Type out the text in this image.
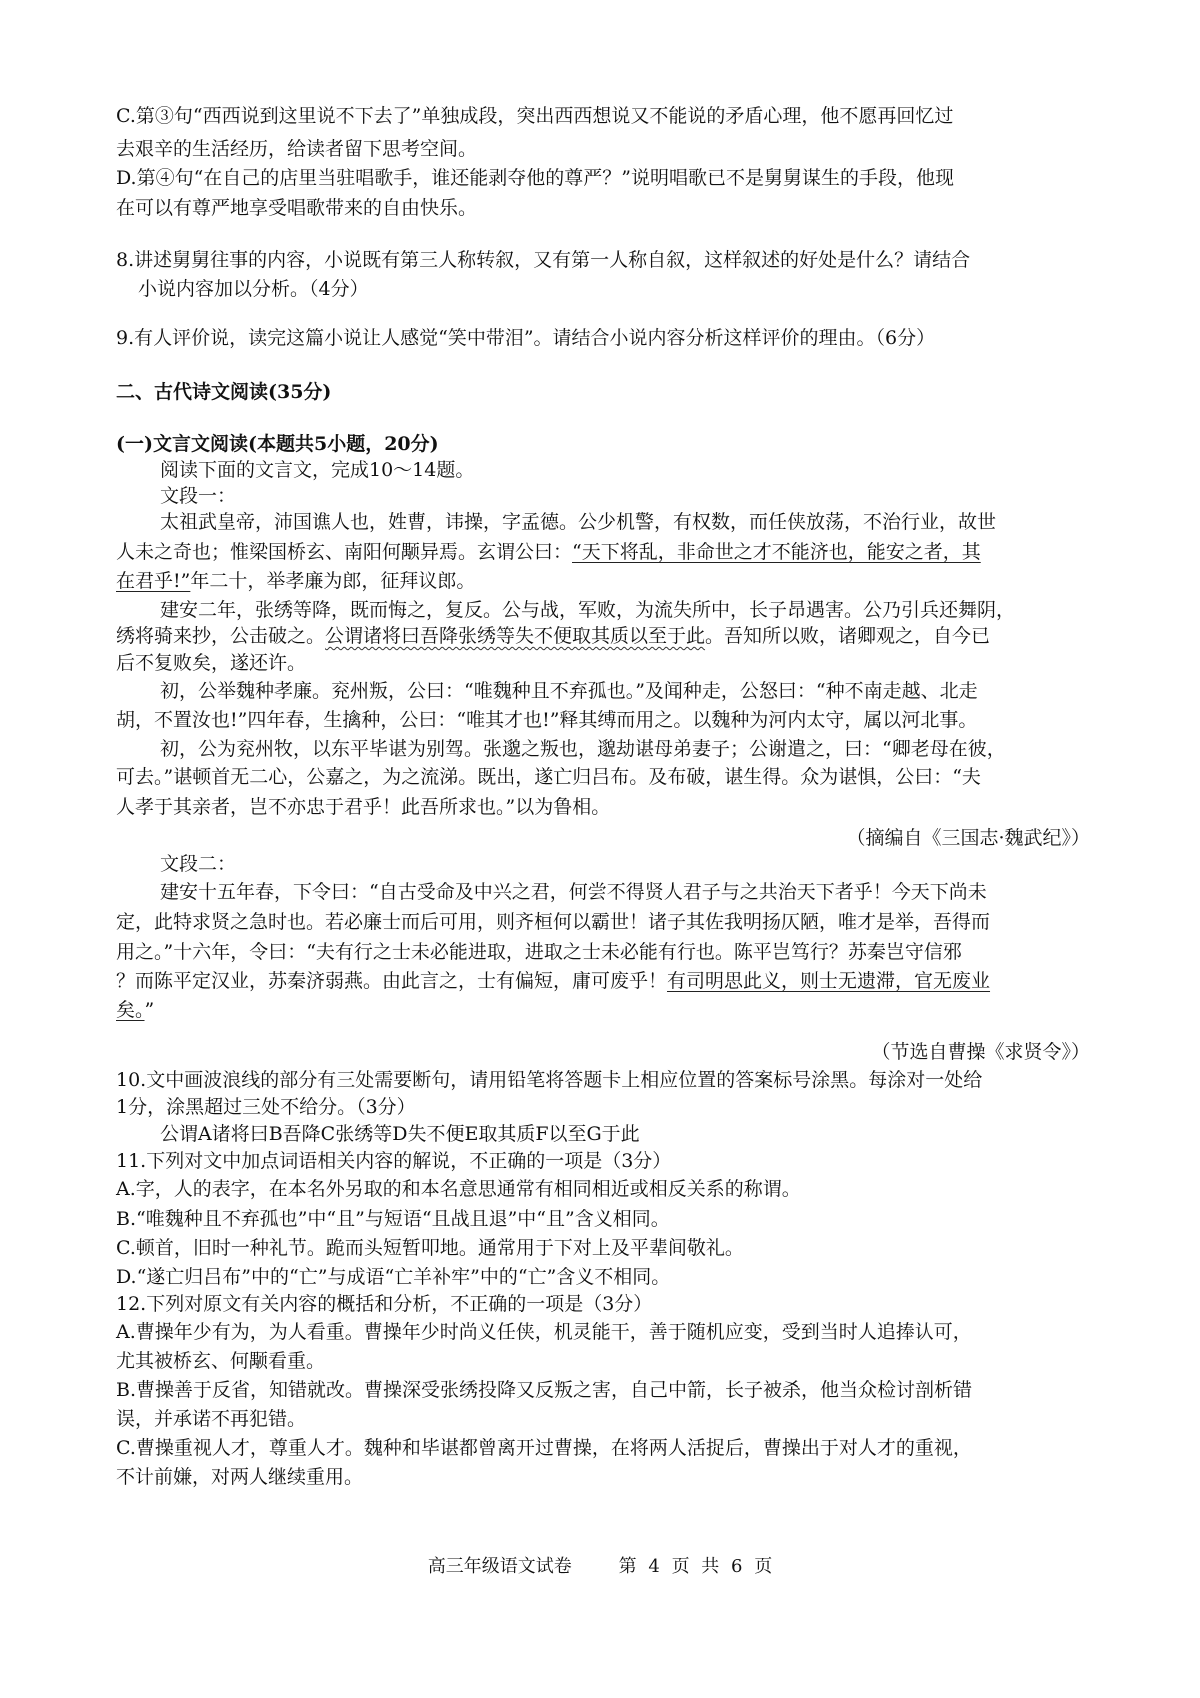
C.第③句“西西说到这里说不下去了”单独成段，突出西西想说又不能说的矛盾心理，他不愿再回忆过
去艰辛的生活经历，给读者留下思考空间。
D.第④句“在自己的店里当驻唱歌手，谁还能剥夺他的尊严？”说明唱歌已不是舅舅谋生的手段，他现
在可以有尊严地享受唱歌带来的自由快乐。
8.讲述舅舅往事的内容，小说既有第三人称转叙，又有第一人称自叙，这样叙述的好处是什么？请结合
小说内容加以分析。（4分）
9.有人评价说，读完这篇小说让人感觉“笑中带泪”。请结合小说内容分析这样评价的理由。（6分）
二、古代诗文阅读(35分)
(一)文言文阅读(本题共5小题，20分)
阅读下面的文言文，完成10～14题。
文段一：
太祖武皇帝，沛国谯人也，姓曹，讳操，字孟德。公少机警，有权数，而任侠放荡，不治行业，故世
人未之奇也；惟梁国桥玄、南阳何颙异焉。玄谓公曰：“天下将乱，非命世之才不能济也，能安之者，其
在君乎!”年二十，举孝廉为郎，征拜议郎。
建安二年，张绣等降，既而悔之，复反。公与战，军败，为流失所中，长子昂遇害。公乃引兵还舞阴，
绣将骑来抄，公击破之。公谓诸将曰吾降张绣等失不便取其质以至于此。吾知所以败，诸卿观之，自今已
后不复败矣，遂还许。
初，公举魏种孝廉。兖州叛，公曰：“唯魏种且不弃孤也。”及闻种走，公怒曰：“种不南走越、北走
胡，不置汝也!”四年春，生擒种，公曰：“唯其才也!”释其缚而用之。以魏种为河内太守，属以河北事。
初，公为兖州牧，以东平毕谌为别驾。张邈之叛也，邈劫谌母弟妻子；公谢遣之，曰：“卿老母在彼，
可去。”谌顿首无二心，公嘉之，为之流涕。既出，遂亡归吕布。及布破，谌生得。众为谌惧，公曰：“夫
人孝于其亲者，岂不亦忠于君乎！此吾所求也。”以为鲁相。
（摘编自《三国志·魏武纪》）
文段二：
建安十五年春，下令曰：“自古受命及中兴之君，何尝不得贤人君子与之共治天下者乎！今天下尚未
定，此特求贤之急时也。若必廉士而后可用，则齐桓何以霸世！诸子其佐我明扬仄陋，唯才是举，吾得而
用之。”十六年，令曰：“夫有行之士未必能进取，进取之士未必能有行也。陈平岂笃行？苏秦岂守信邪
？而陈平定汉业，苏秦济弱燕。由此言之，士有偏短，庸可废乎！有司明思此义，则士无遗滞，官无废业
矣。”
（节选自曹操《求贤令》）
10.文中画波浪线的部分有三处需要断句，请用铅笔将答题卡上相应位置的答案标号涂黑。每涂对一处给
1分，涂黑超过三处不给分。（3分）
公谓A诸将曰B吾降C张绣等D失不便E取其质F以至G于此
11.下列对文中加点词语相关内容的解说，不正确的一项是（3分）
A.字，人的表字，在本名外另取的和本名意思通常有相同相近或相反关系的称谓。
B.“唯魏种且不弃孤也”中“且”与短语“且战且退”中“且”含义相同。
C.顿首，旧时一种礼节。跪而头短暂叩地。通常用于下对上及平辈间敬礼。
D.“遂亡归吕布”中的“亡”与成语“亡羊补牢”中的“亡”含义不相同。
12.下列对原文有关内容的概括和分析，不正确的一项是（3分）
A.曹操年少有为，为人看重。曹操年少时尚义任侠，机灵能干，善于随机应变，受到当时人追捧认可，
尤其被桥玄、何颙看重。
B.曹操善于反省，知错就改。曹操深受张绣投降又反叛之害，自己中箭，长子被杀，他当众检讨剖析错
误，并承诺不再犯错。
C.曹操重视人才，尊重人才。魏种和毕谌都曾离开过曹操，在将两人活捉后，曹操出于对人才的重视，
不计前嫌，对两人继续重用。
高三年级语文试卷    第 4 页 共 6 页
